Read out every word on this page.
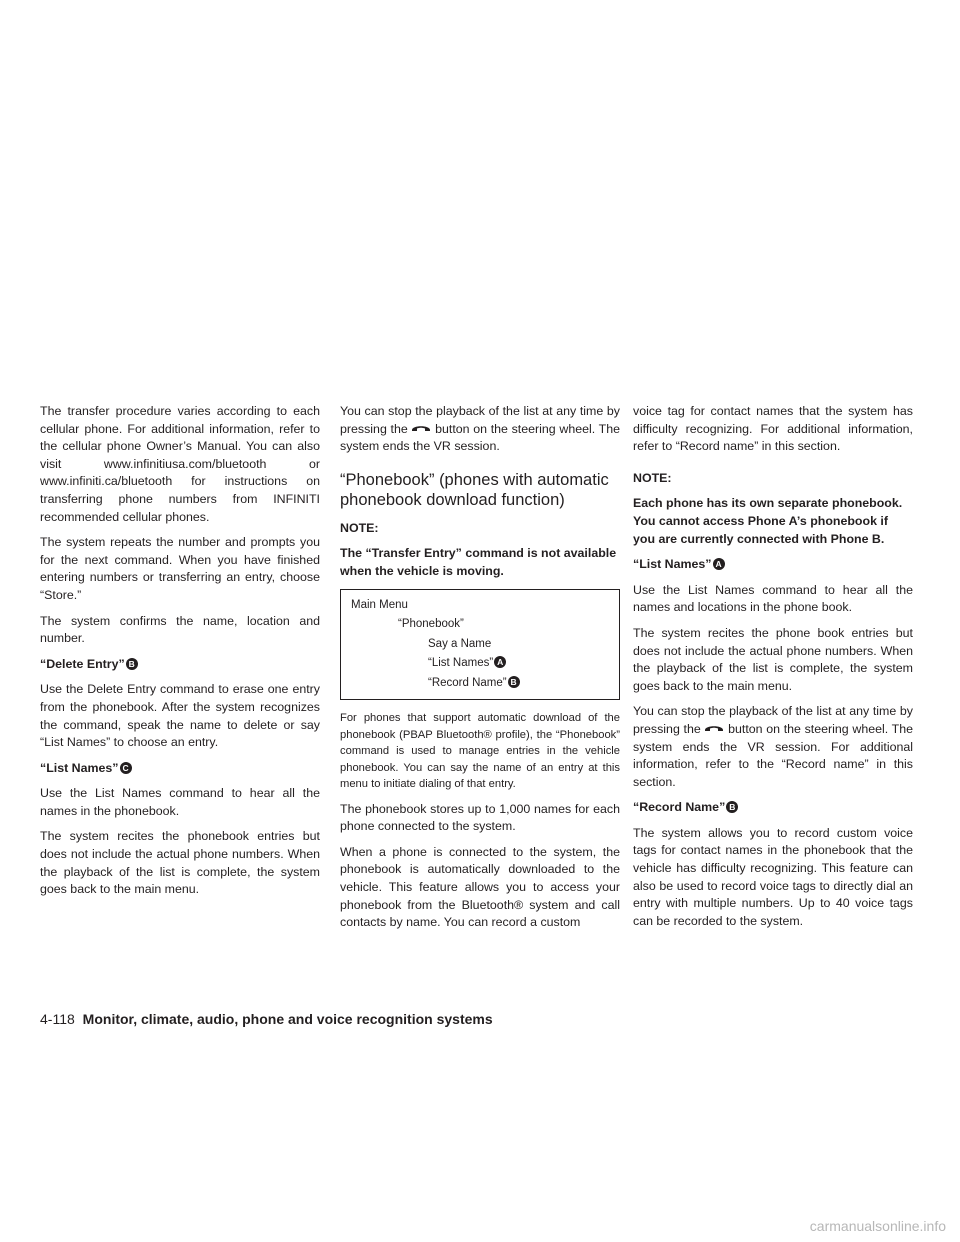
The transfer procedure varies according to each cellular phone. For additional information, refer to the cellular phone Owner’s Manual. You can also visit www.infinitiusa.com/bluetooth or www.infiniti.ca/bluetooth for instructions on transferring phone numbers from INFINITI recommended cellular phones.

The system repeats the number and prompts you for the next command. When you have finished entering numbers or transferring an entry, choose “Store.”

The system confirms the name, location and number.

“Delete Entry” B

Use the Delete Entry command to erase one entry from the phonebook. After the system recognizes the command, speak the name to delete or say “List Names” to choose an entry.

“List Names” C

Use the List Names command to hear all the names in the phonebook.

The system recites the phonebook entries but does not include the actual phone numbers. When the playback of the list is complete, the system goes back to the main menu.

You can stop the playback of the list at any time by pressing the button on the steering wheel. The system ends the VR session.

“Phonebook” (phones with automatic phonebook download function)
NOTE:
The “Transfer Entry” command is not available when the vehicle is moving.
Main Menu
“Phonebook”
Say a Name
“List Names” A
“Record Name” B

For phones that support automatic download of the phonebook (PBAP Bluetooth® profile), the “Phonebook” command is used to manage entries in the vehicle phonebook. You can say the name of an entry at this menu to initiate dialing of that entry.

The phonebook stores up to 1,000 names for each phone connected to the system.

When a phone is connected to the system, the phonebook is automatically downloaded to the vehicle. This feature allows you to access your phonebook from the Bluetooth® system and call contacts by name. You can record a custom

voice tag for contact names that the system has difficulty recognizing. For additional information, refer to “Record name” in this section.

NOTE:
Each phone has its own separate phonebook. You cannot access Phone A’s phonebook if you are currently connected with Phone B.
“List Names” A

Use the List Names command to hear all the names and locations in the phone book.

The system recites the phone book entries but does not include the actual phone numbers. When the playback of the list is complete, the system goes back to the main menu.

You can stop the playback of the list at any time by pressing the button on the steering wheel. The system ends the VR session. For additional information, refer to the “Record name” in this section.

“Record Name” B

The system allows you to record custom voice tags for contact names in the phonebook that the vehicle has difficulty recognizing. This feature can also be used to record voice tags to directly dial an entry with multiple numbers. Up to 40 voice tags can be recorded to the system.

4-118 Monitor, climate, audio, phone and voice recognition systems
carmanualsonline.info
